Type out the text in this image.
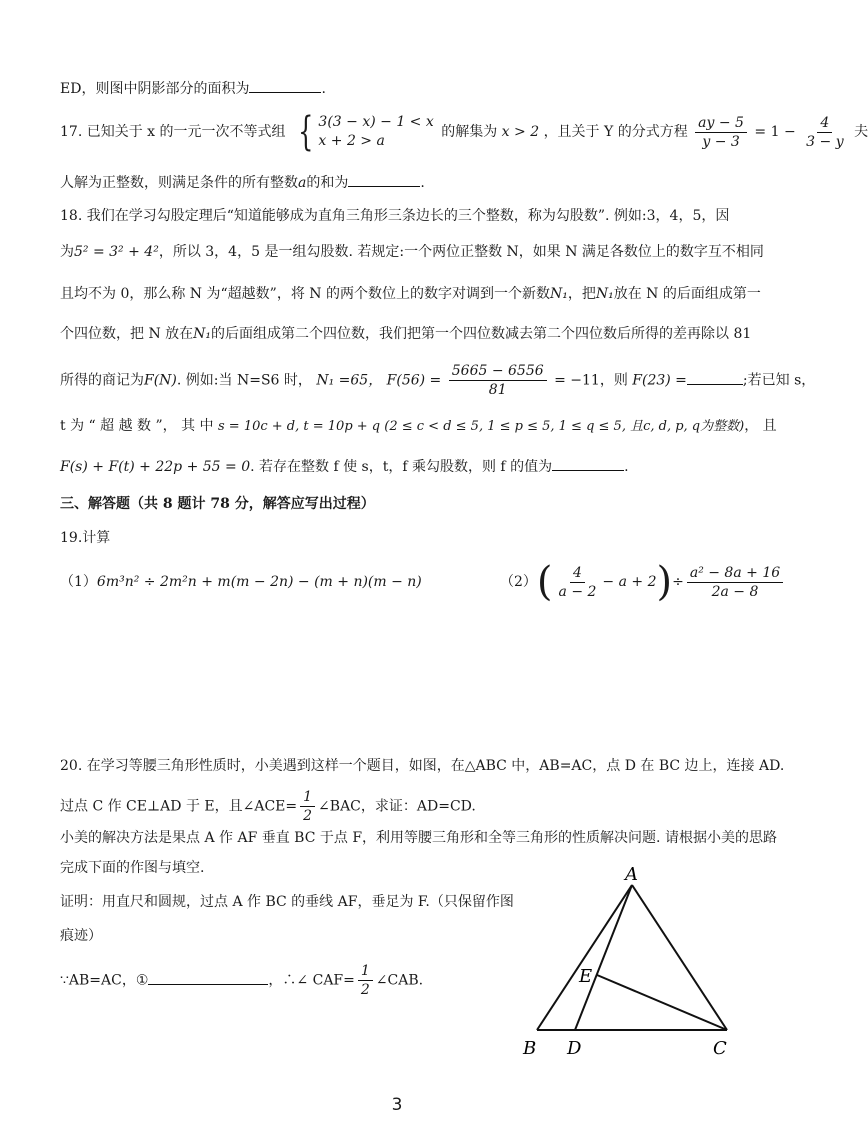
ED，则图中阴影部分的面积为	.
17. 已知关于 x 的一元一次不等式组 { 3(3 − x) − 1 < x
x + 2 > a
的解集为 x > 2 ，且关于 Y 的分式方程 $\frac{ay - 5}{y - 3} = 1 - \frac{4}{3 - y}$ 夫
人解为正整数，则满足条件的所有整数a的和为	.
18. 我们在学习勾股定理后“知道能够成为直角三角形三条边长的三个整数，称为勾股数”. 例如:3，4，5，因
为5² = 3² + 4²，所以 3，4，5 是一组勾股数. 若规定:一个两位正整数 N，如果 N 满足各数位上的数字互不相同
且均不为 0，那么称 N 为“超越数”，将 N 的两个数位上的数字对调到一个新数N₁，把N₁放在 N 的后面组成第一
个四位数，把 N 放在N₁的后面组成第二个四位数，我们把第一个四位数减去第二个四位数后所得的差再除以 81
所得的商记为F(N). 例如:当 N=S6 时， N₁ =65， $F(56) = \frac{5665 - 6556}{81} = -11$，则 F(23) =	;若已知 s，
t 为 “ 超 越 数 ”， 其 中 s = 10c + d, t = 10p + q (2 ≤ c < d ≤ 5, 1 ≤ p ≤ 5, 1 ≤ q ≤ 5, 且c, d, p, q为整数)， 且
F(s) + F(t) + 22p + 55 = 0. 若存在整数 f 使 s，t，f 乘勾股数，则 f 的值为	.
三、解答题（共 8 题计 78 分，解答应写出过程）
19.计算
（1）6m³n² ÷ 2m²n + m(m − 2n) − (m + n)(m − n)	$(2)( \frac{4}{a - 2} - a + 2)\div \frac{\text{a² − 8a + 16}}{2a - 8}$
20. 在学习等腰三角形性质时，小美遇到这样一个题目，如图，在△ABC 中，AB=AC，点 D 在 BC 边上，连接 AD.
过点 C 作 CE⊥AD 于 E，且∠ACE= $\frac{1}{2}$ ∠BAC，求证：AD=CD.
小美的解决方法是果点 A 作 AF 垂直 BC 于点 F，利用等腰三角形和全等三角形的性质解决问题. 请根据小美的思路
完成下面的作图与填空.
证明：用直尺和圆规，过点 A 作 BC 的垂线 AF，垂足为 F.（只保留作图
痕迹）
∵AB=AC，①	，∴∠ $CAF= \frac{1}{2}$ ∠CAB.
A
B D	C
E
3
